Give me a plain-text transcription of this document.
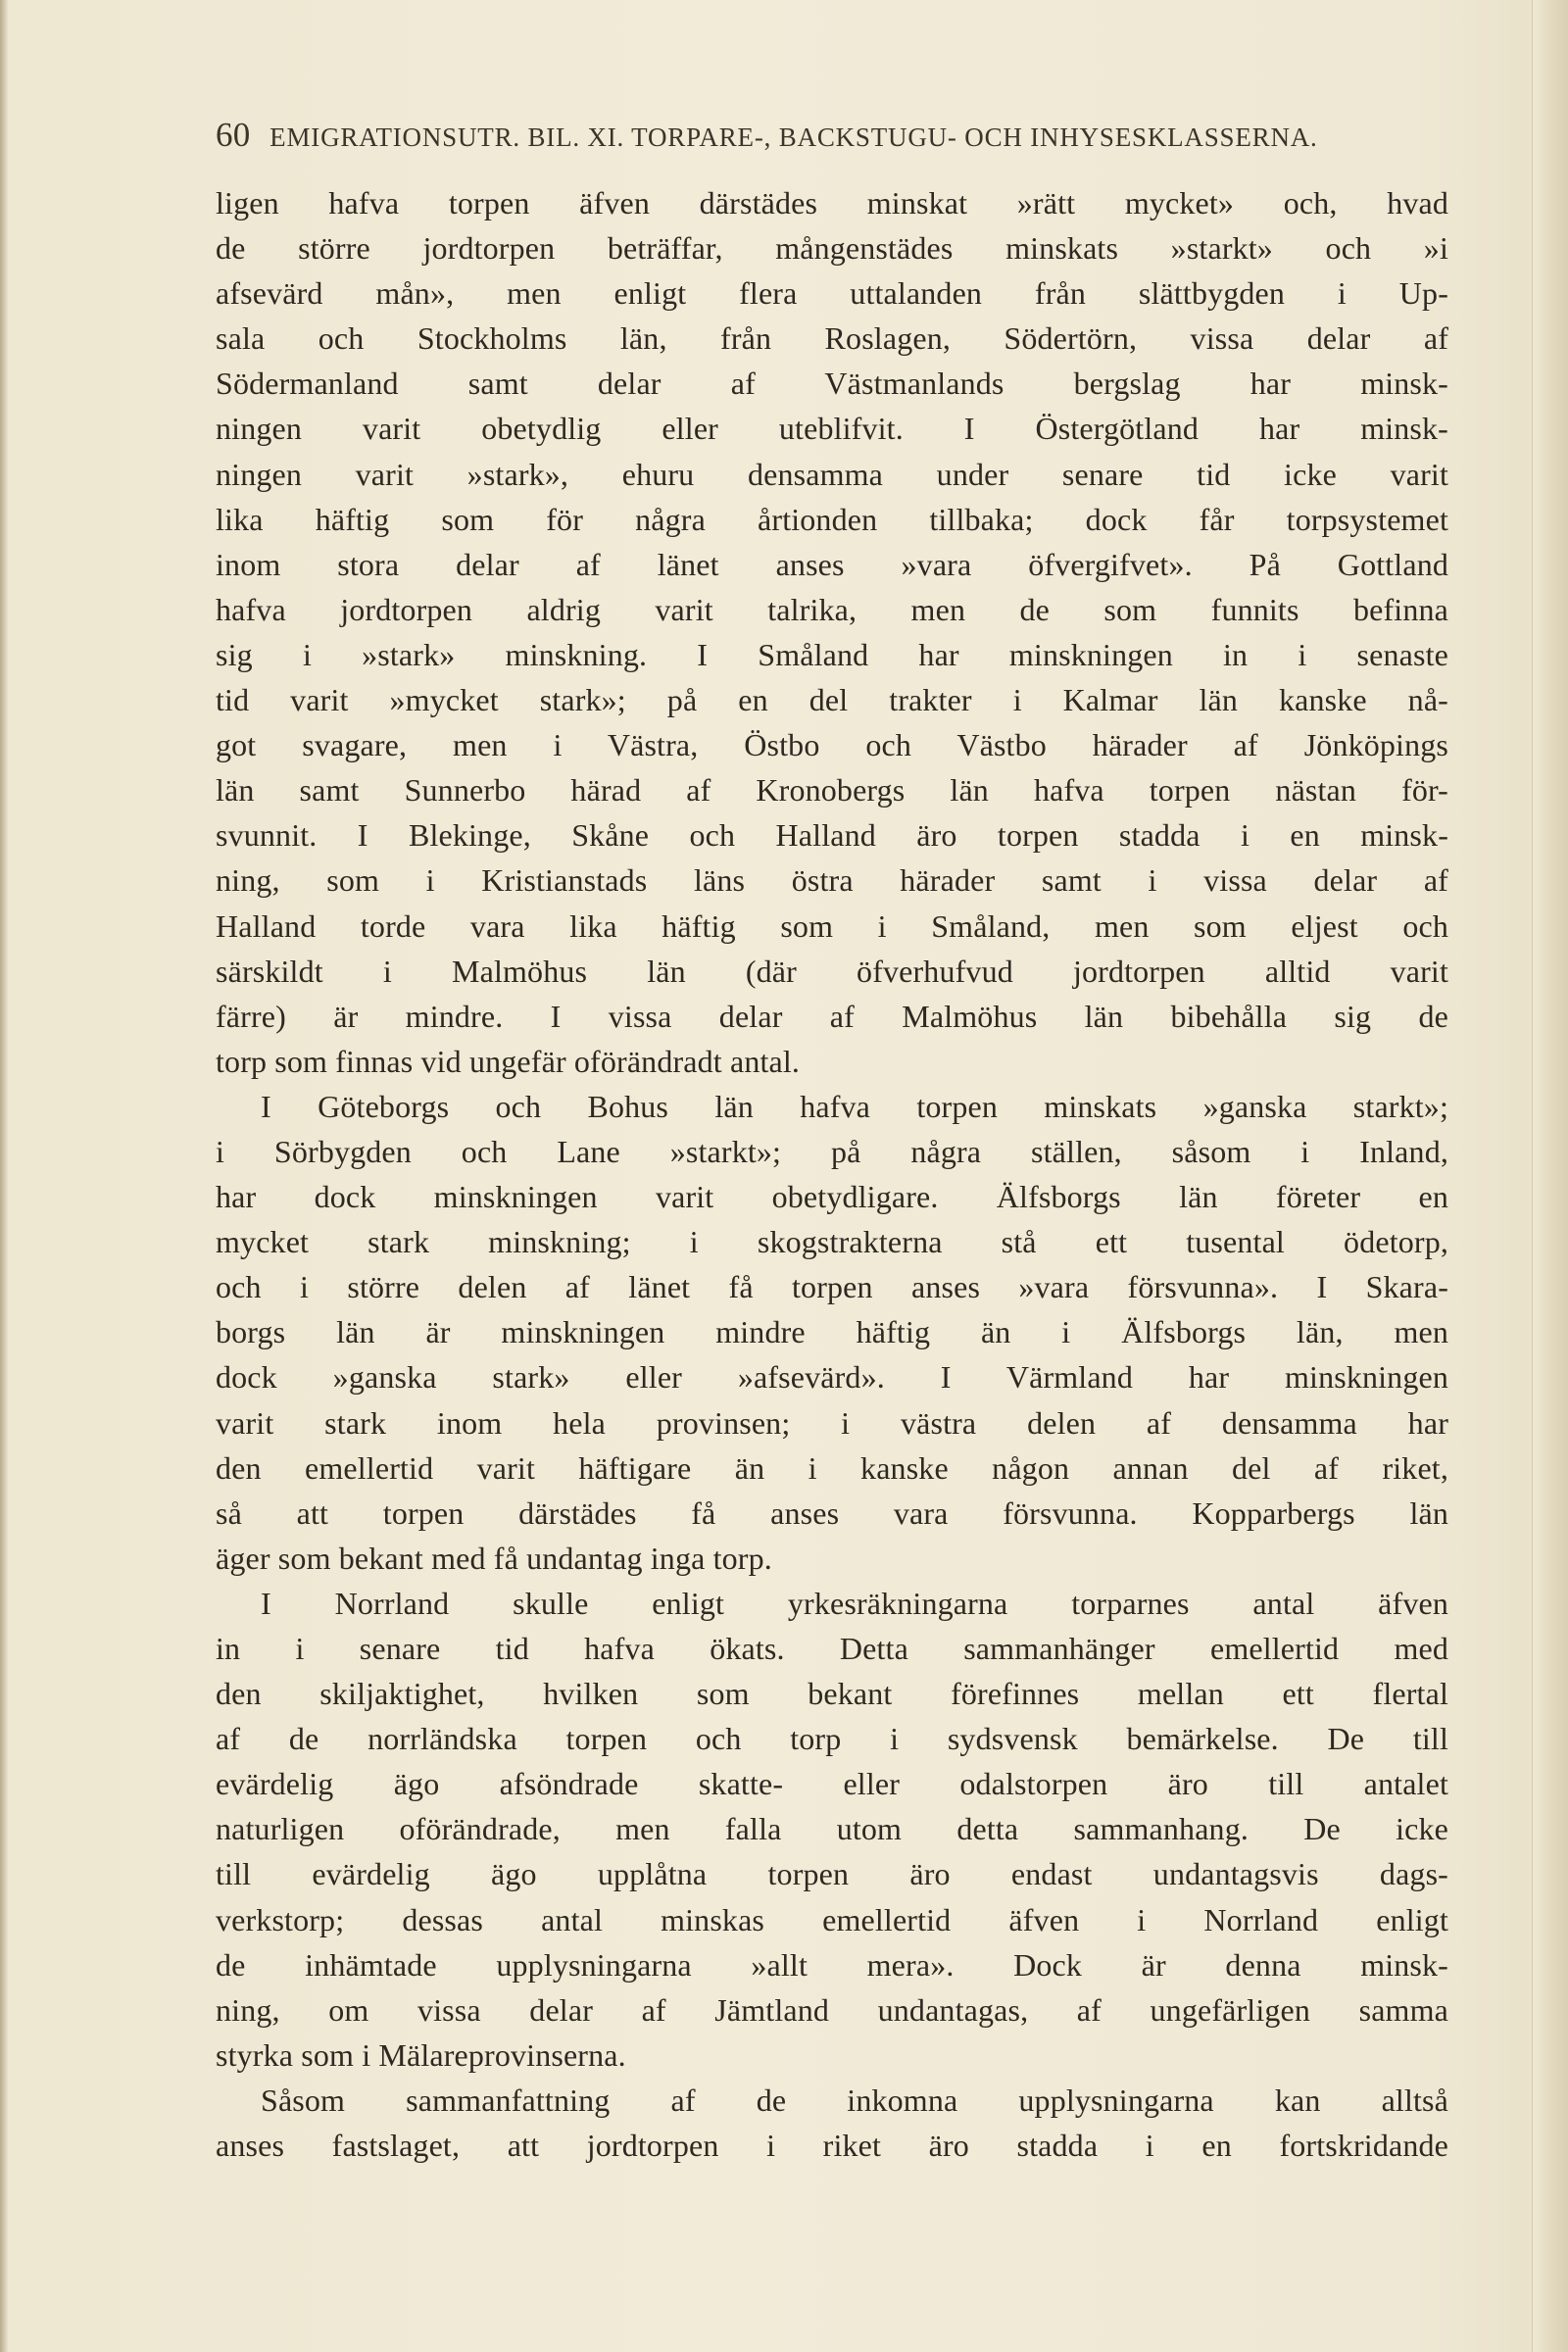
60 EMIGRATIONSUTR. BIL. XI. TORPARE-, BACKSTUGU- OCH INHYSESKLASSERNA.
ligen hafva torpen äfven därstädes minskat »rätt mycket» och, hvad
de större jordtorpen beträffar, mångenstädes minskats »starkt» och »i
afsevärd mån», men enligt flera uttalanden från slättbygden i Up-
sala och Stockholms län, från Roslagen, Södertörn, vissa delar af
Södermanland samt delar af Västmanlands bergslag har minsk-
ningen varit obetydlig eller uteblifvit. I Östergötland har minsk-
ningen varit »stark», ehuru densamma under senare tid icke varit
lika häftig som för några årtionden tillbaka; dock får torpsystemet
inom stora delar af länet anses »vara öfvergifvet». På Gottland
hafva jordtorpen aldrig varit talrika, men de som funnits befinna
sig i »stark» minskning. I Småland har minskningen in i senaste
tid varit »mycket stark»; på en del trakter i Kalmar län kanske nå-
got svagare, men i Västra, Östbo och Västbo härader af Jönköpings
län samt Sunnerbo härad af Kronobergs län hafva torpen nästan för-
svunnit. I Blekinge, Skåne och Halland äro torpen stadda i en minsk-
ning, som i Kristianstads läns östra härader samt i vissa delar af
Halland torde vara lika häftig som i Småland, men som eljest och
särskildt i Malmöhus län (där öfverhufvud jordtorpen alltid varit
färre) är mindre. I vissa delar af Malmöhus län bibehålla sig de
torp som finnas vid ungefär oförändradt antal.
I Göteborgs och Bohus län hafva torpen minskats »ganska starkt»;
i Sörbygden och Lane »starkt»; på några ställen, såsom i Inland,
har dock minskningen varit obetydligare. Älfsborgs län företer en
mycket stark minskning; i skogstrakterna stå ett tusental ödetorp,
och i större delen af länet få torpen anses »vara försvunna». I Skara-
borgs län är minskningen mindre häftig än i Älfsborgs län, men
dock »ganska stark» eller »afsevärd». I Värmland har minskningen
varit stark inom hela provinsen; i västra delen af densamma har
den emellertid varit häftigare än i kanske någon annan del af riket,
så att torpen därstädes få anses vara försvunna. Kopparbergs län
äger som bekant med få undantag inga torp.
I Norrland skulle enligt yrkesräkningarna torparnes antal äfven
in i senare tid hafva ökats. Detta sammanhänger emellertid med
den skiljaktighet, hvilken som bekant förefinnes mellan ett flertal
af de norrländska torpen och torp i sydsvensk bemärkelse. De till
evärdelig ägo afsöndrade skatte- eller odalstorpen äro till antalet
naturligen oförändrade, men falla utom detta sammanhang. De icke
till evärdelig ägo upplåtna torpen äro endast undantagsvis dags-
verkstorp; dessas antal minskas emellertid äfven i Norrland enligt
de inhämtade upplysningarna »allt mera». Dock är denna minsk-
ning, om vissa delar af Jämtland undantagas, af ungefärligen samma
styrka som i Mälareprovinserna.
Såsom sammanfattning af de inkomna upplysningarna kan alltså
anses fastslaget, att jordtorpen i riket äro stadda i en fortskridande
